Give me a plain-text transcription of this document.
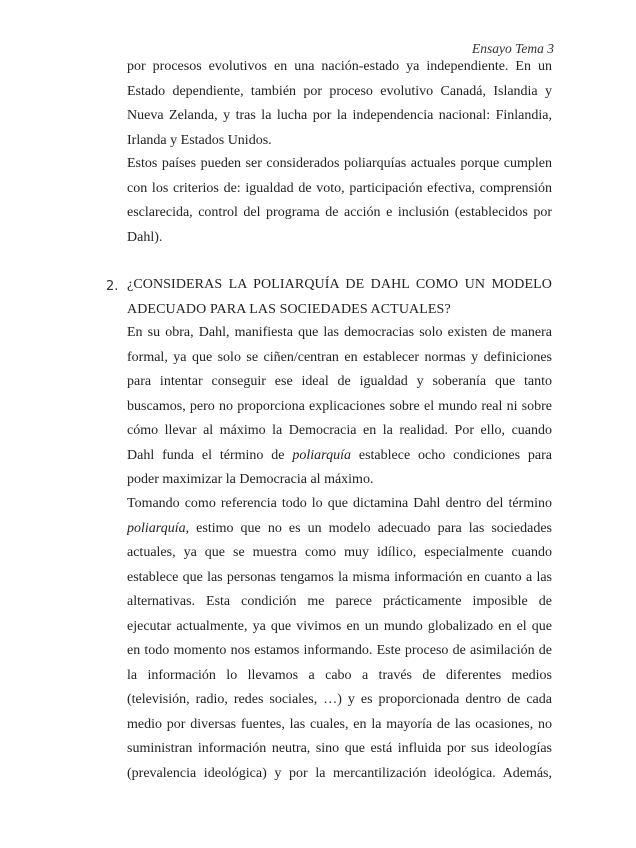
Ensayo Tema 3
por procesos evolutivos en una nación-estado ya independiente. En un
Estado dependiente, también por proceso evolutivo Canadá, Islandia y
Nueva Zelanda, y tras la lucha por la independencia nacional: Finlandia,
Irlanda y Estados Unidos.
Estos países pueden ser considerados poliarquías actuales porque cumplen
con los criterios de: igualdad de voto, participación efectiva, comprensión
esclarecida, control del programa de acción e inclusión (establecidos por
Dahl).
2. ¿CONSIDERAS LA POLIARQUÍA DE DAHL COMO UN MODELO
ADECUADO PARA LAS SOCIEDADES ACTUALES?
En su obra, Dahl, manifiesta que las democracias solo existen de manera
formal, ya que solo se ciñen/centran en establecer normas y definiciones
para intentar conseguir ese ideal de igualdad y soberanía que tanto
buscamos, pero no proporciona explicaciones sobre el mundo real ni sobre
cómo llevar al máximo la Democracia en la realidad. Por ello, cuando
Dahl funda el término de poliarquía establece ocho condiciones para
poder maximizar la Democracia al máximo.
Tomando como referencia todo lo que dictamina Dahl dentro del término
poliarquía, estimo que no es un modelo adecuado para las sociedades
actuales, ya que se muestra como muy idílico, especialmente cuando
establece que las personas tengamos la misma información en cuanto a las
alternativas. Esta condición me parece prácticamente imposible de
ejecutar actualmente, ya que vivimos en un mundo globalizado en el que
en todo momento nos estamos informando. Este proceso de asimilación de
la información lo llevamos a cabo a través de diferentes medios
(televisión, radio, redes sociales, …) y es proporcionada dentro de cada
medio por diversas fuentes, las cuales, en la mayoría de las ocasiones, no
suministran información neutra, sino que está influida por sus ideologías
(prevalencia ideológica) y por la mercantilización ideológica. Además,
